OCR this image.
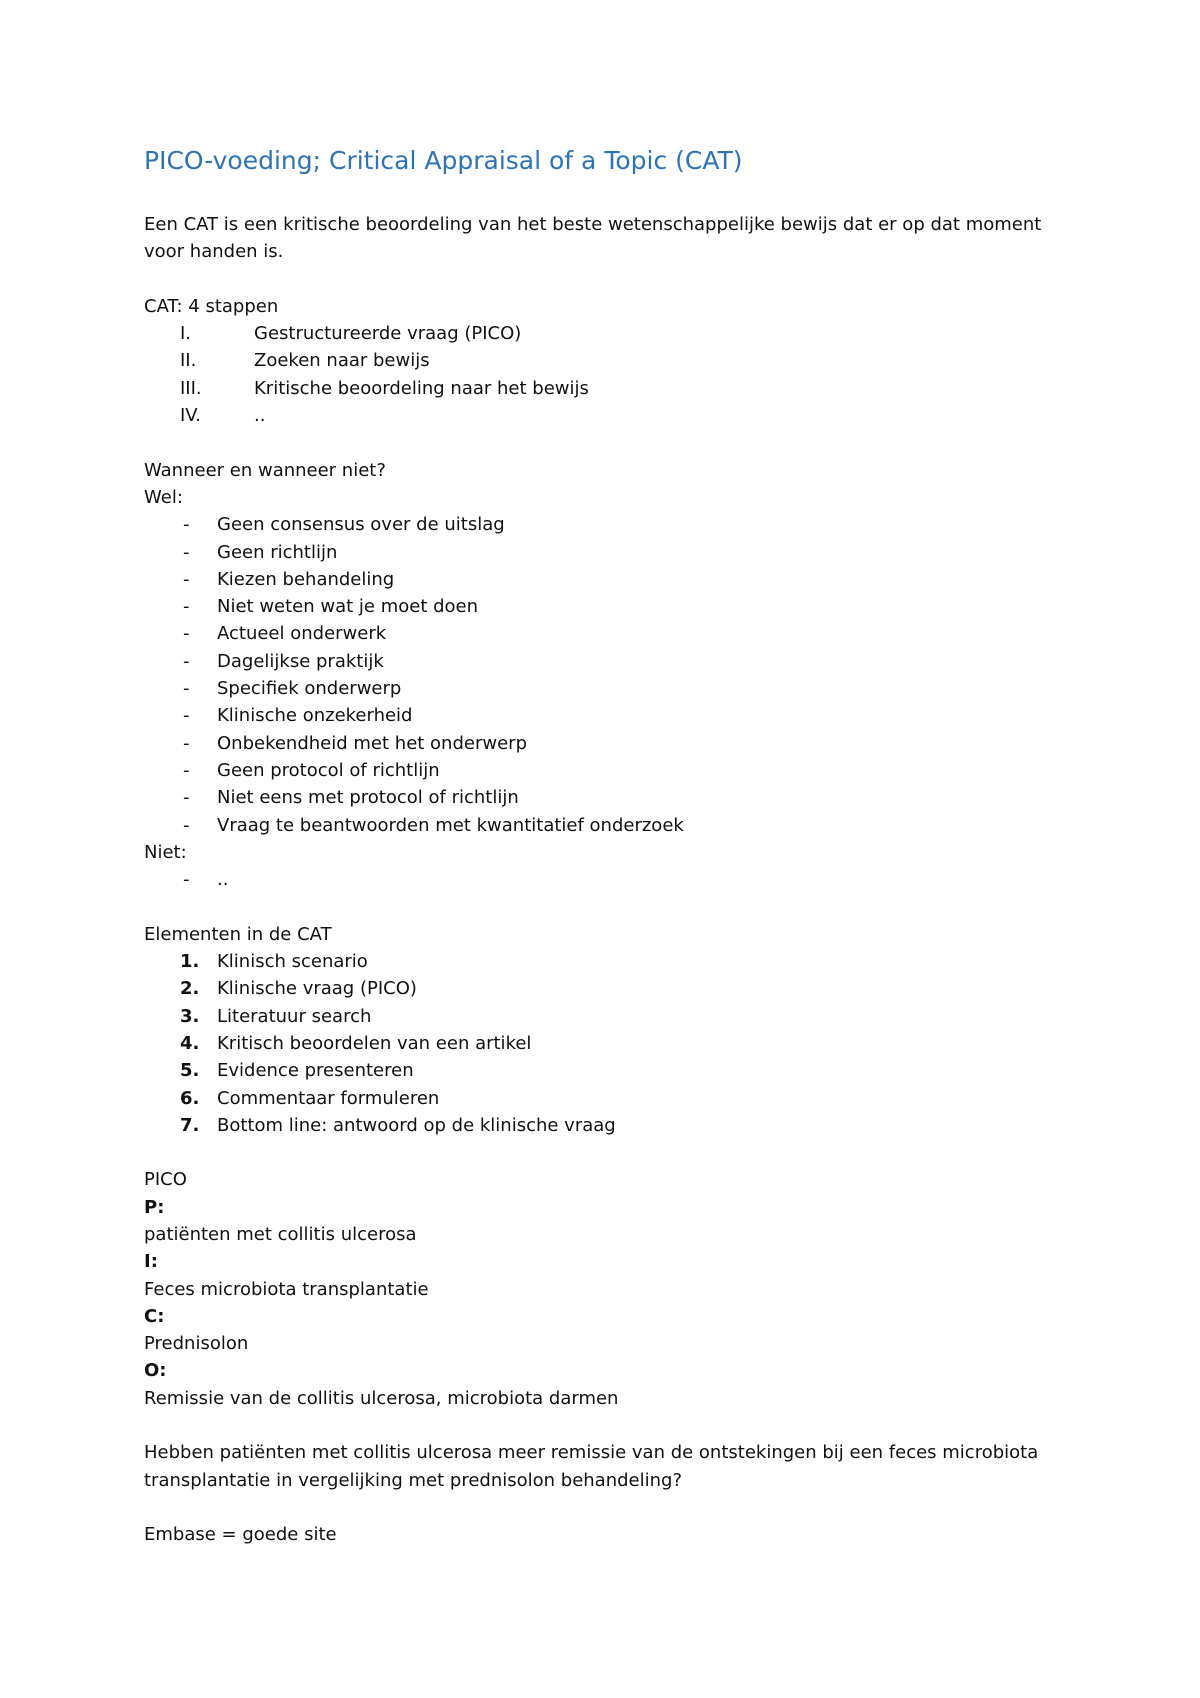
PICO-voeding; Critical Appraisal of a Topic (CAT)

Een CAT is een kritische beoordeling van het beste wetenschappelijke bewijs dat er op dat moment voor handen is.

CAT: 4 stappen

I.	Gestructureerde vraag (PICO)
II.	Zoeken naar bewijs
III.	Kritische beoordeling naar het bewijs
IV.	..

Wanneer en wanneer niet?

Wel:

- Geen consensus over de uitslag
- Geen richtlijn
- Kiezen behandeling
- Niet weten wat je moet doen
- Actueel onderwerk
- Dagelijkse praktijk
- Specifiek onderwerp
- Klinische onzekerheid
- Onbekendheid met het onderwerp
- Geen protocol of richtlijn
- Niet eens met protocol of richtlijn
- Vraag te beantwoorden met kwantitatief onderzoek

Niet:

- ..

Elementen in de CAT

1. Klinisch scenario
2. Klinische vraag (PICO)
3. Literatuur search
4. Kritisch beoordelen van een artikel
5. Evidence presenteren
6. Commentaar formuleren
7. Bottom line: antwoord op de klinische vraag

PICO

P:

patiënten met collitis ulcerosa

I:

Feces microbiota transplantatie

C:

Prednisolon

O:

Remissie van de collitis ulcerosa, microbiota darmen

Hebben patiënten met collitis ulcerosa meer remissie van de ontstekingen bij een feces microbiota transplantatie in vergelijking met prednisolon behandeling?

Embase = goede site
